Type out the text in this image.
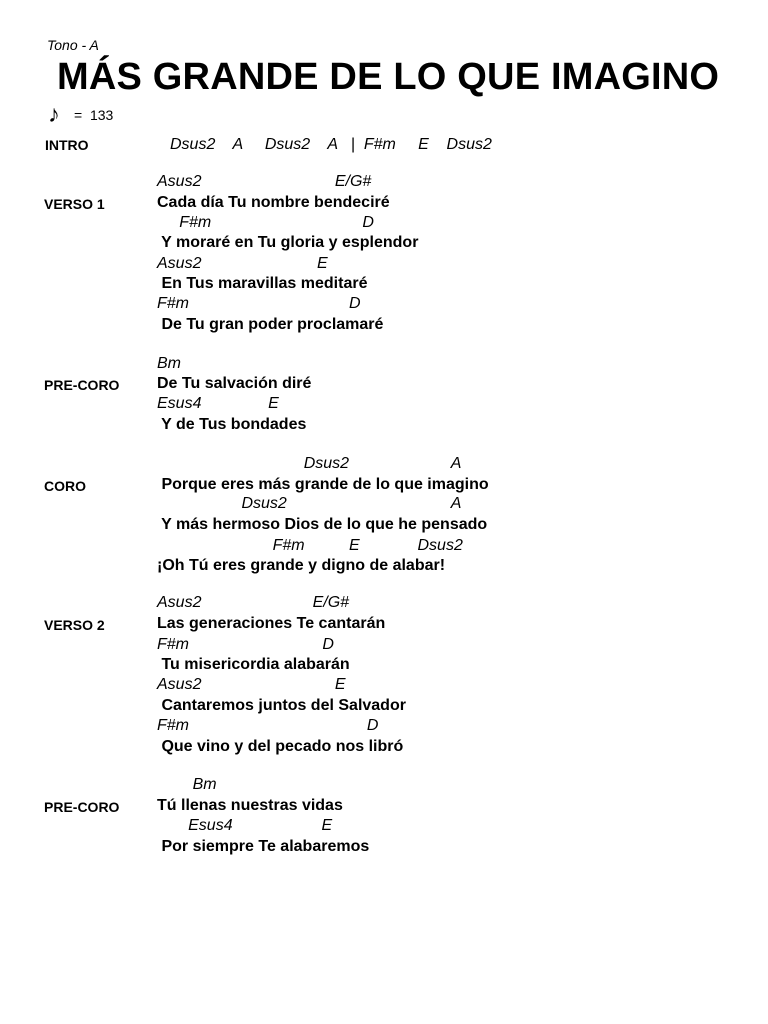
Tono - A
MÁS GRANDE DE LO QUE IMAGINO
♪ =  133
INTRO	Dsus2    A     Dsus2    A   |  F#m     E    Dsus2
VERSO 1
Asus2                              E/G#
Cada día Tu nombre bendeciré
F#m                                  D
Y moraré en Tu gloria y esplendor
Asus2                          E
En Tus maravillas meditaré
F#m                                    D
De Tu gran poder proclamaré
PRE-CORO
Bm
De Tu salvación diré
Esus4               E
Y de Tus bondades
CORO
Dsus2                       A
Porque eres más grande de lo que imagino
Dsus2                                     A
Y más hermoso Dios de lo que he pensado
F#m          E             Dsus2
¡Oh Tú eres grande y digno de alabar!
VERSO 2
Asus2                         E/G#
Las generaciones Te cantarán
F#m                              D
Tu misericordia alabarán
Asus2                              E
Cantaremos juntos del Salvador
F#m                                        D
Que vino y del pecado nos libró
PRE-CORO
Bm
Tú llenas nuestras vidas
Esus4                    E
Por siempre Te alabaremos
